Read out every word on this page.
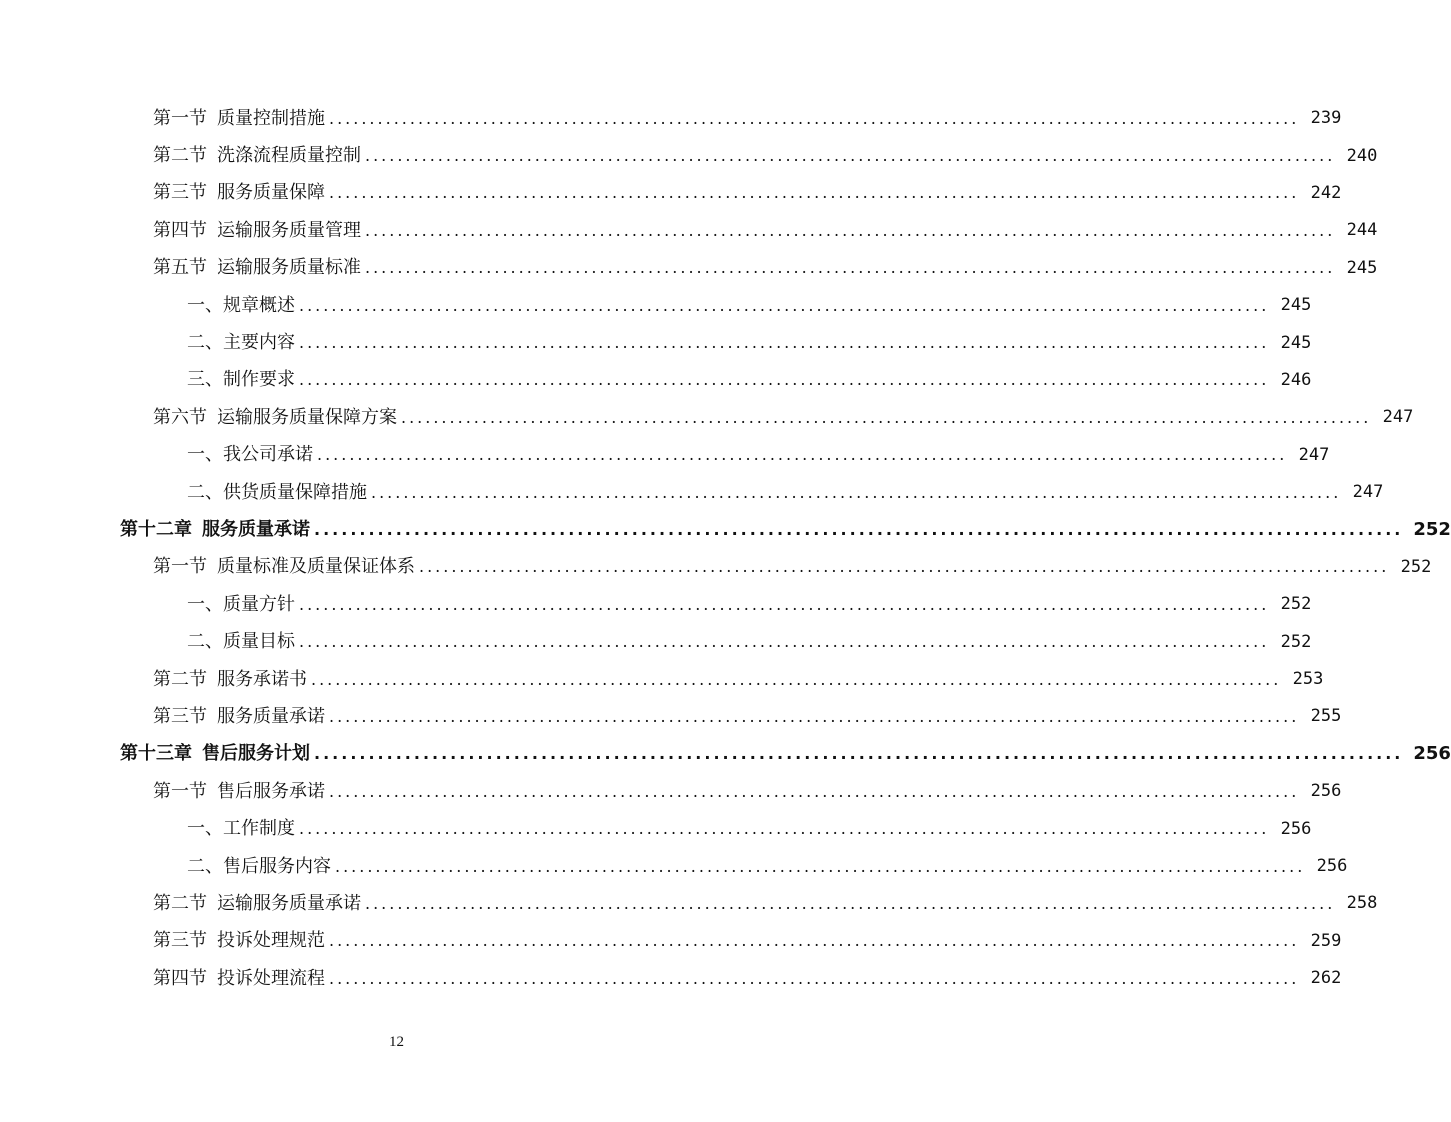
第一节 质量控制措施 ........................................................................................................................ 239
第二节 洗涤流程质量控制 ........................................................................................................................ 240
第三节 服务质量保障 ........................................................................................................................ 242
第四节 运输服务质量管理 ........................................................................................................................ 244
第五节 运输服务质量标准 ........................................................................................................................ 245
一、规章概述 ........................................................................................................................ 245
二、主要内容 ........................................................................................................................ 245
三、制作要求 ........................................................................................................................ 246
第六节 运输服务质量保障方案 ........................................................................................................................ 247
一、我公司承诺 ........................................................................................................................ 247
二、供货质量保障措施 ........................................................................................................................ 247
第十二章 服务质量承诺 ........................................................................................................................ 252
第一节 质量标准及质量保证体系 ........................................................................................................................ 252
一、质量方针 ........................................................................................................................ 252
二、质量目标 ........................................................................................................................ 252
第二节 服务承诺书 ........................................................................................................................ 253
第三节 服务质量承诺 ........................................................................................................................ 255
第十三章 售后服务计划 ........................................................................................................................ 256
第一节 售后服务承诺 ........................................................................................................................ 256
一、工作制度 ........................................................................................................................ 256
二、售后服务内容 ........................................................................................................................ 256
第二节 运输服务质量承诺 ........................................................................................................................ 258
第三节 投诉处理规范 ........................................................................................................................ 259
第四节 投诉处理流程 ........................................................................................................................ 262
12
